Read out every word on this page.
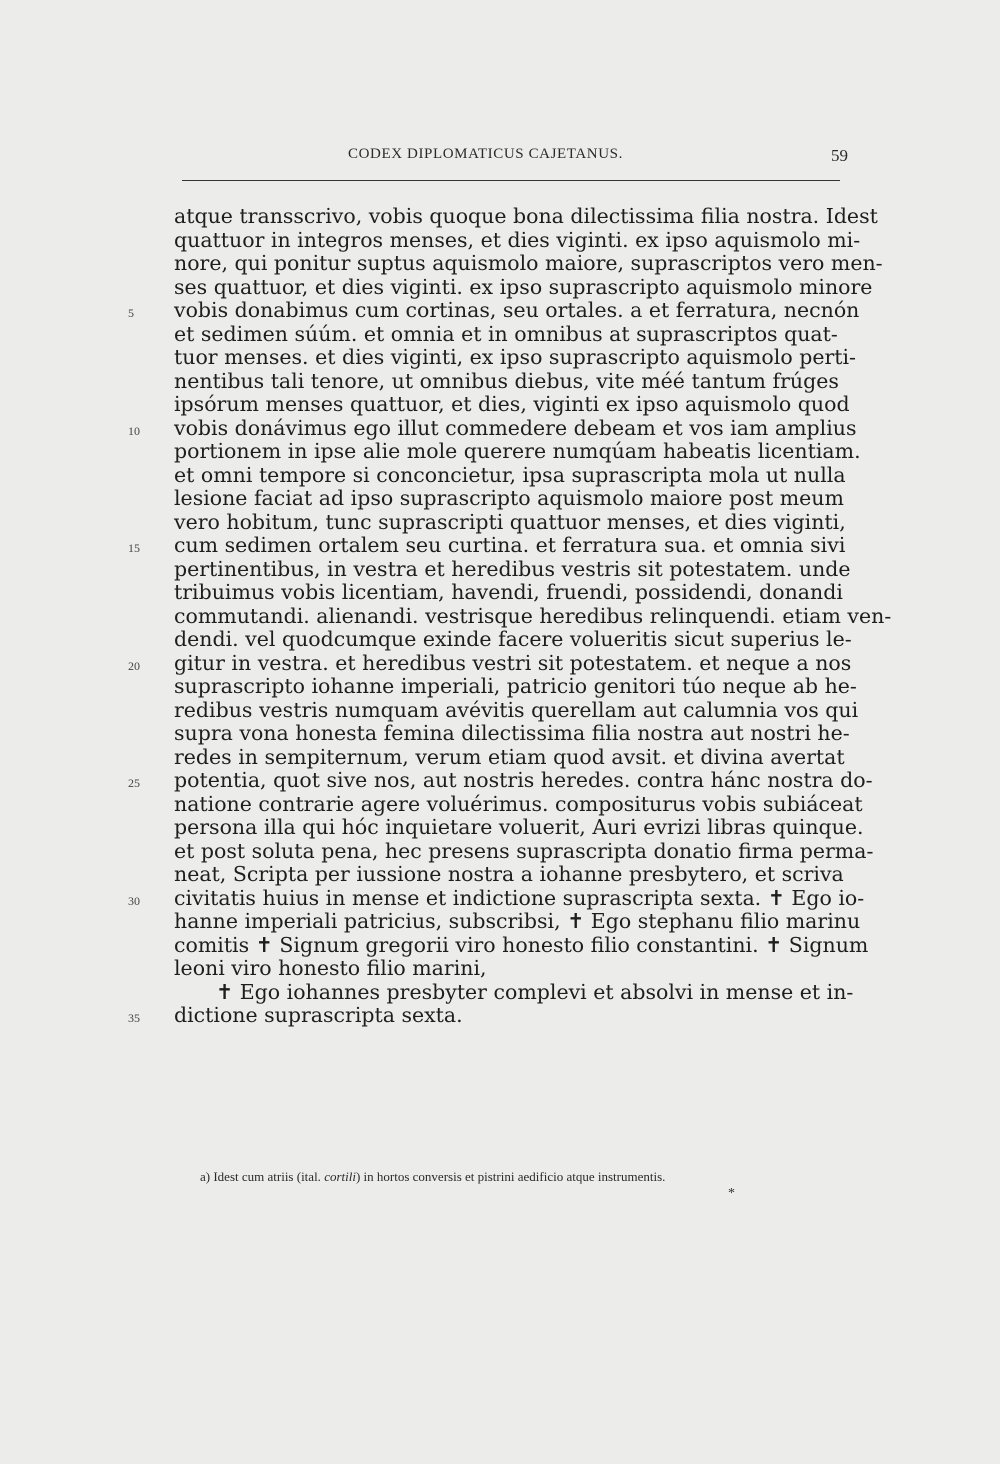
CODEX DIPLOMATICUS CAJETANUS.	59
atque transscrivo, vobis quoque bona dilectissima filia nostra. Idest
quattuor in integros menses, et dies viginti. ex ipso aquismolo mi-
nore, qui ponitur suptus aquismolo maiore, suprascriptos vero men-
ses quattuor, et dies viginti. ex ipso suprascripto aquismolo minore
5	vobis donabimus cum cortinas, seu ortales. a et ferratura, necnón
et sedimen súúm. et omnia et in omnibus at suprascriptos quat-
tuor menses. et dies viginti, ex ipso suprascripto aquismolo perti-
nentibus tali tenore, ut omnibus diebus, vite méé tantum frúges
ipsórum menses quattuor, et dies, viginti ex ipso aquismolo quod
10	vobis donávimus ego illut commedere debeam et vos iam amplius
portionem in ipse alie mole querere numqúam habeatis licentiam.
et omni tempore si conconcietur, ipsa suprascripta mola ut nulla
lesione faciat ad ipso suprascripto aquismolo maiore post meum
vero hobitum, tunc suprascripti quattuor menses, et dies viginti,
15	cum sedimen ortalem seu curtina. et ferratura sua. et omnia sivi
pertinentibus, in vestra et heredibus vestris sit potestatem. unde
tribuimus vobis licentiam, havendi, fruendi, possidendi, donandi
commutandi. alienandi. vestrisque heredibus relinquendi. etiam ven-
dendi. vel quodcumque exinde facere volueritis sicut superius le-
20	gitur in vestra. et heredibus vestri sit potestatem. et neque a nos
suprascripto iohanne imperiali, patricio genitori túo neque ab he-
redibus vestris numquam avévitis querellam aut calumnia vos qui
supra vona honesta femina dilectissima filia nostra aut nostri he-
redes in sempiternum, verum etiam quod avsit. et divina avertat
25	potentia, quot sive nos, aut nostris heredes. contra hánc nostra do-
natione contrarie agere voluérimus. compositurus vobis subiáceat
persona illa qui hóc inquietare voluerit, Auri evrizi libras quinque.
et post soluta pena, hec presens suprascripta donatio firma perma-
neat, Scripta per iussione nostra a iohanne presbytero, et scriva
30	civitatis huius in mense et indictione suprascripta sexta. ✝ Ego io-
hanne imperiali patricius, subscribsi, ✝ Ego stephanu filio marinu
comitis ✝ Signum gregorii viro honesto filio constantini. ✝ Signum
leoni viro honesto filio marini,
✝ Ego iohannes presbyter complevi et absolvi in mense et in-
35	dictione suprascripta sexta.
a) Idest cum atriis (ital. cortili) in hortos conversis et pistrini aedificio atque instrumentis.
*
